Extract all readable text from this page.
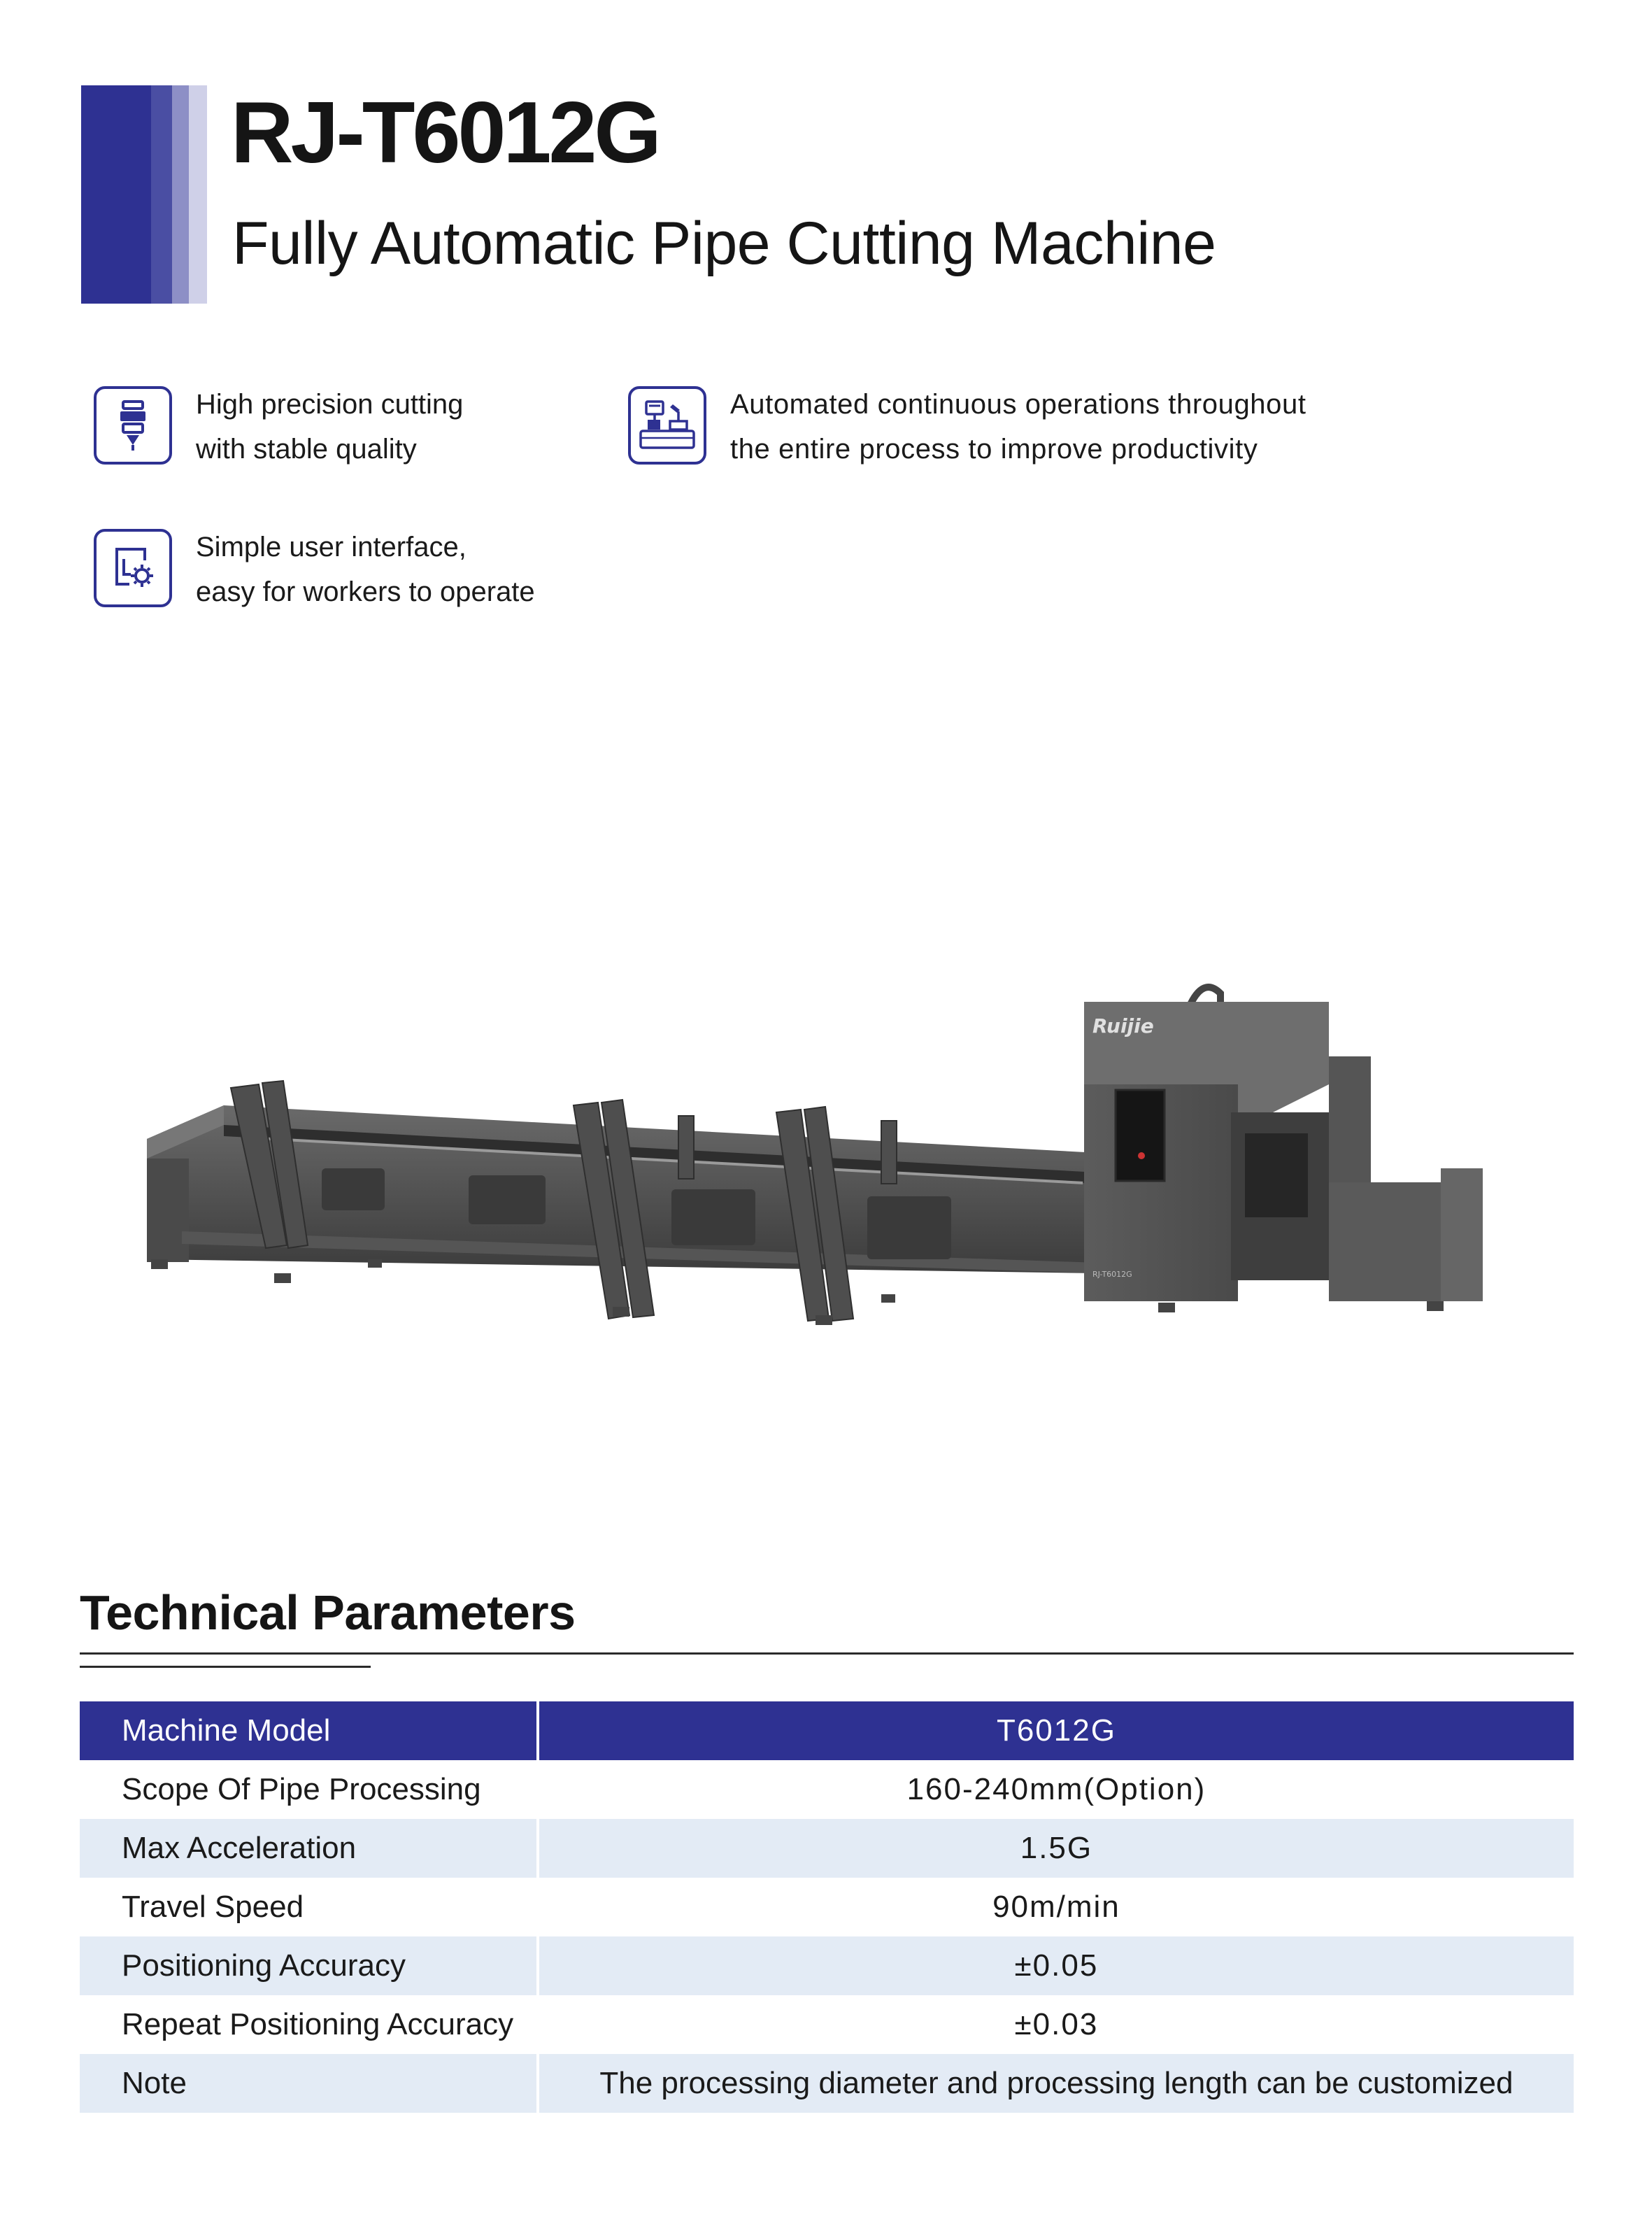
RJ-T6012G
Fully Automatic Pipe Cutting Machine
High precision cutting
with stable quality
Automated continuous operations throughout
the entire process to improve productivity
Simple user interface,
easy for workers to operate
Ruijie
RJ-T6012G
Technical Parameters
Machine Model	T6012G
Scope Of Pipe Processing	160-240mm(Option)
Max Acceleration	1.5G
Travel Speed	90m/min
Positioning Accuracy	±0.05
Repeat Positioning Accuracy	±0.03
Note	The processing diameter and processing length can be customized
